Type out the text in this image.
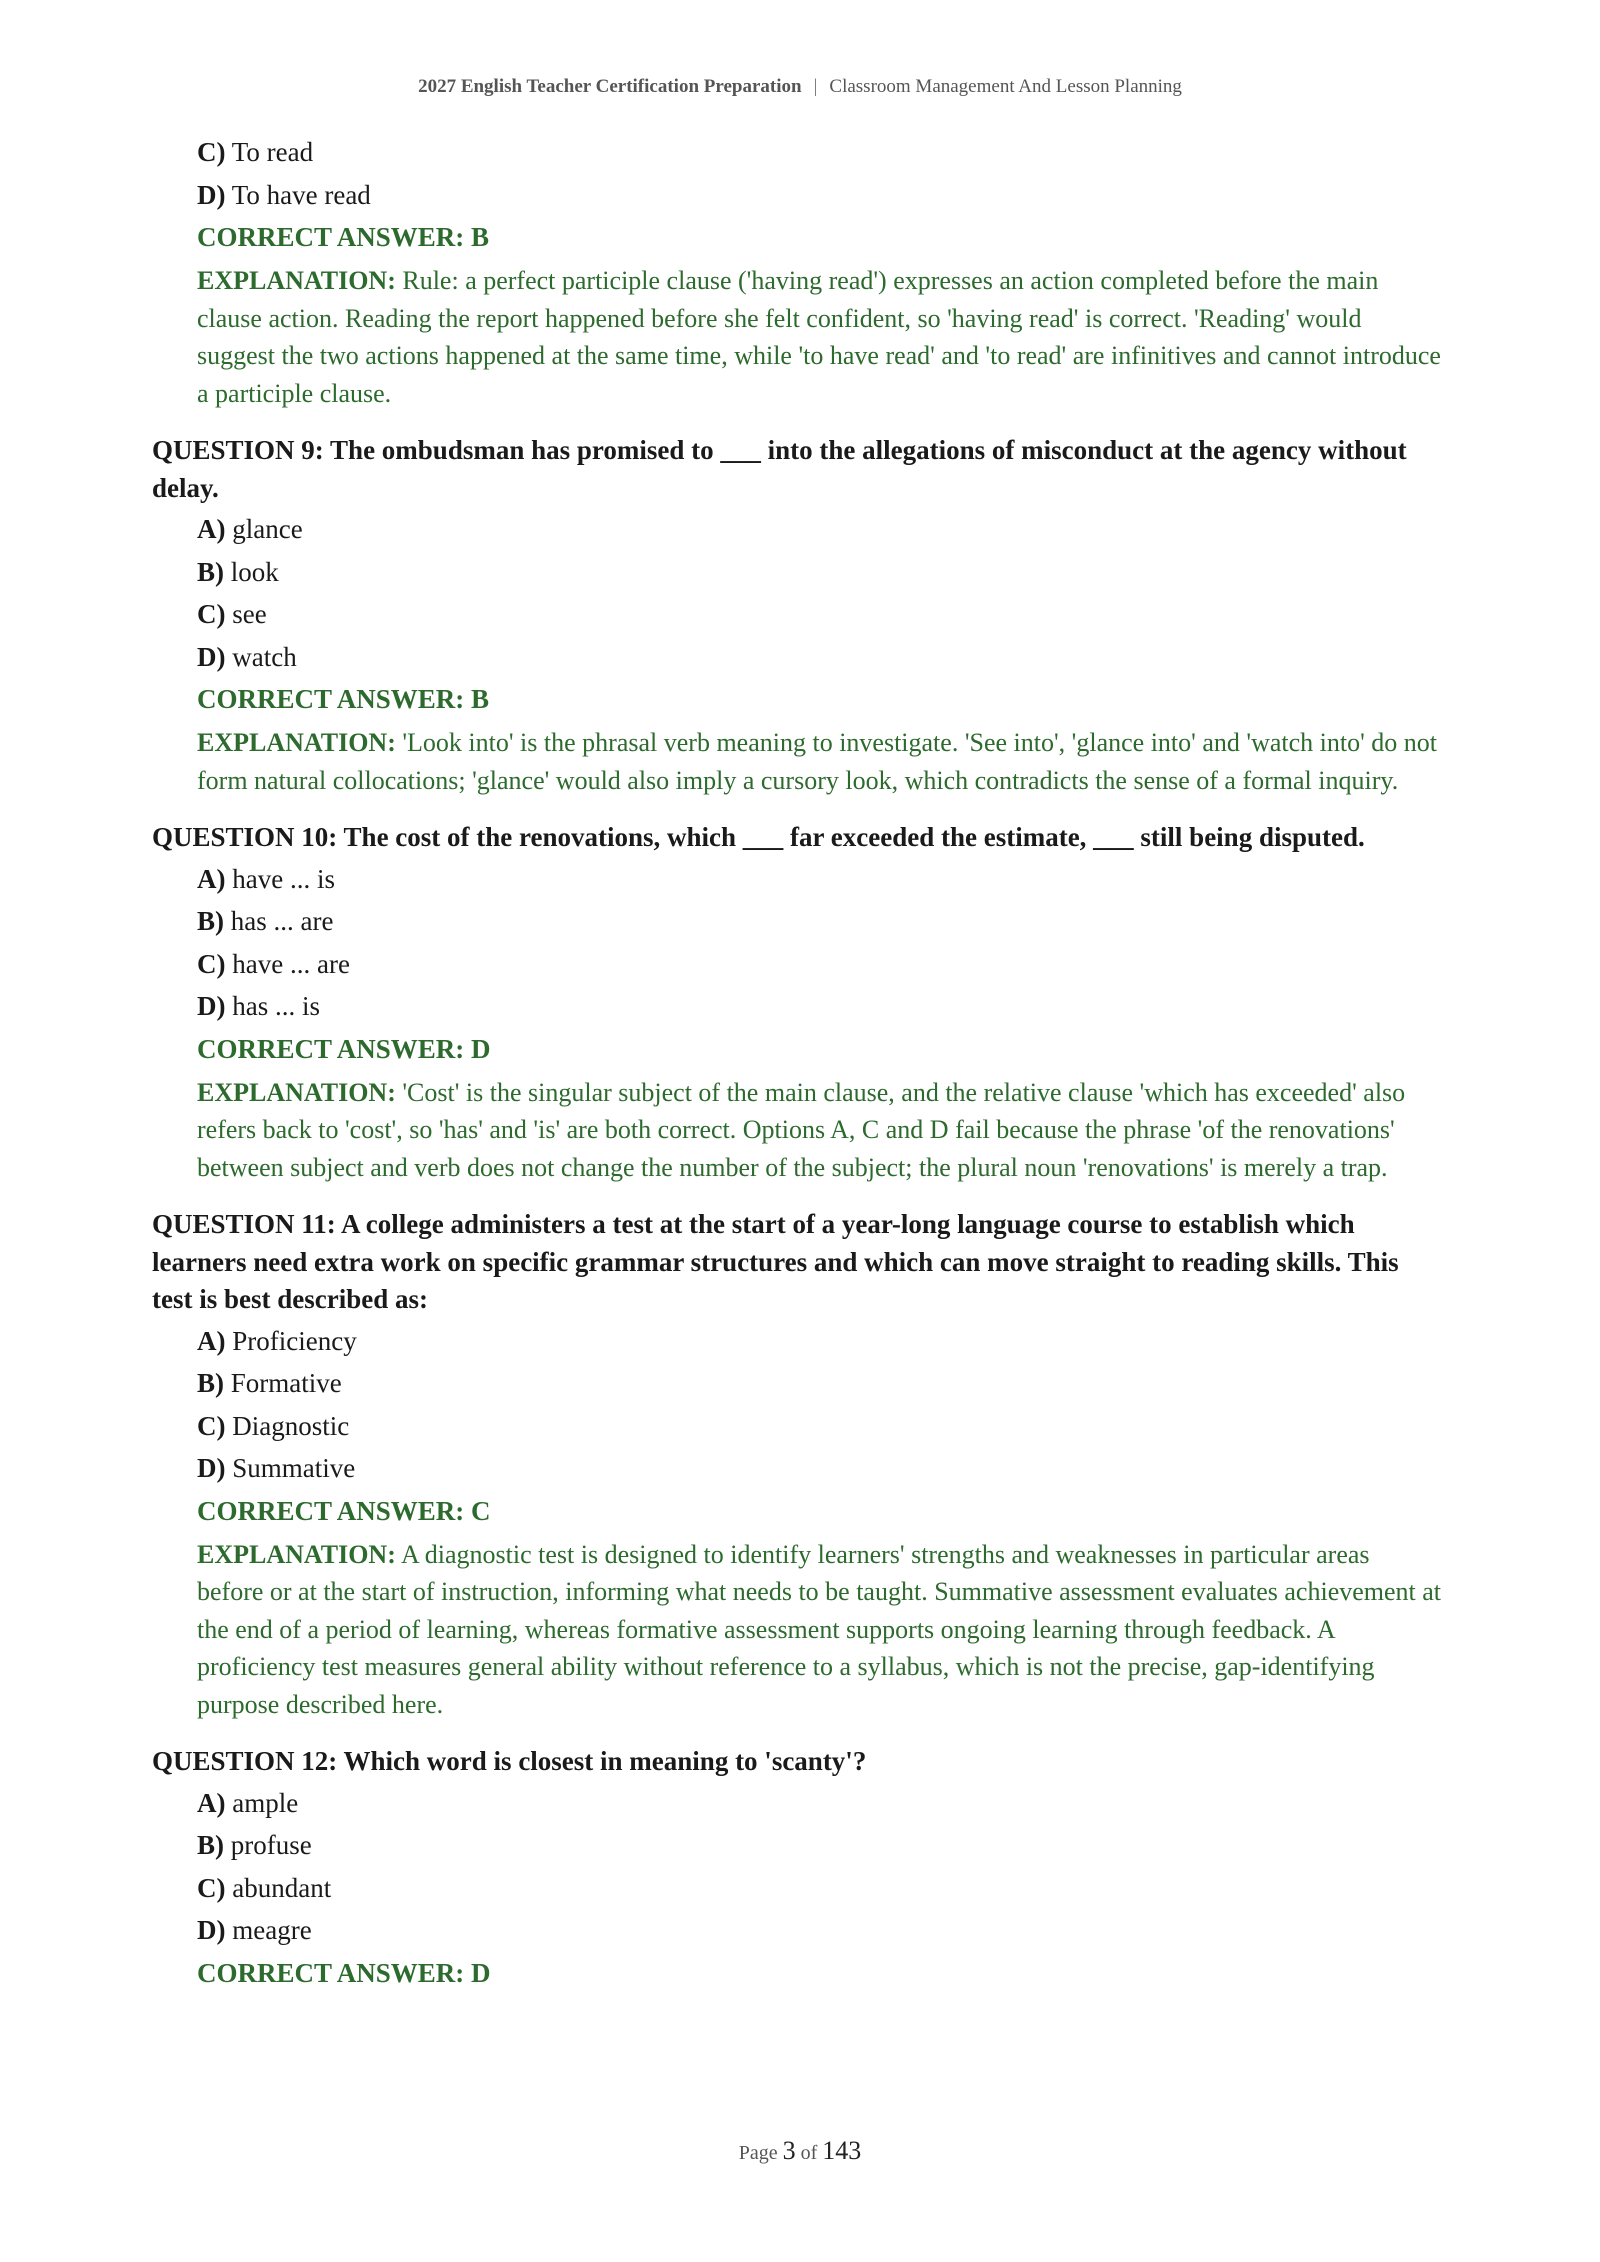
2027 English Teacher Certification Preparation | Classroom Management And Lesson Planning
C) To read
D) To have read
CORRECT ANSWER: B
EXPLANATION: Rule: a perfect participle clause ('having read') expresses an action completed before the main clause action. Reading the report happened before she felt confident, so 'having read' is correct. 'Reading' would suggest the two actions happened at the same time, while 'to have read' and 'to read' are infinitives and cannot introduce a participle clause.
QUESTION 9: The ombudsman has promised to ___ into the allegations of misconduct at the agency without delay.
A) glance
B) look
C) see
D) watch
CORRECT ANSWER: B
EXPLANATION: 'Look into' is the phrasal verb meaning to investigate. 'See into', 'glance into' and 'watch into' do not form natural collocations; 'glance' would also imply a cursory look, which contradicts the sense of a formal inquiry.
QUESTION 10: The cost of the renovations, which ___ far exceeded the estimate, ___ still being disputed.
A) have ... is
B) has ... are
C) have ... are
D) has ... is
CORRECT ANSWER: D
EXPLANATION: 'Cost' is the singular subject of the main clause, and the relative clause 'which has exceeded' also refers back to 'cost', so 'has' and 'is' are both correct. Options A, C and D fail because the phrase 'of the renovations' between subject and verb does not change the number of the subject; the plural noun 'renovations' is merely a trap.
QUESTION 11: A college administers a test at the start of a year-long language course to establish which learners need extra work on specific grammar structures and which can move straight to reading skills. This test is best described as:
A) Proficiency
B) Formative
C) Diagnostic
D) Summative
CORRECT ANSWER: C
EXPLANATION: A diagnostic test is designed to identify learners' strengths and weaknesses in particular areas before or at the start of instruction, informing what needs to be taught. Summative assessment evaluates achievement at the end of a period of learning, whereas formative assessment supports ongoing learning through feedback. A proficiency test measures general ability without reference to a syllabus, which is not the precise, gap-identifying purpose described here.
QUESTION 12: Which word is closest in meaning to 'scanty'?
A) ample
B) profuse
C) abundant
D) meagre
CORRECT ANSWER: D
Page 3 of 143
